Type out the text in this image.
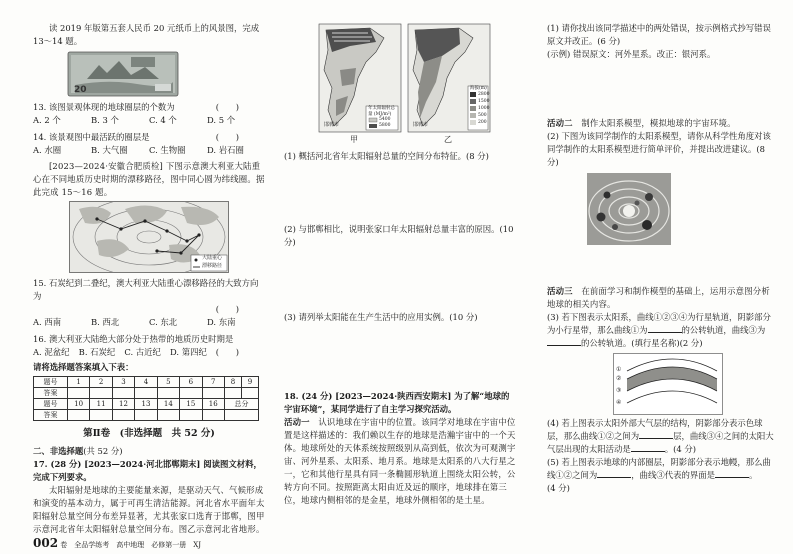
读 2019 年版第五套人民币 20 元纸币上的风景图，完成 13～14 题。

20

13. 该图景观体现的地球圈层的个数为	(　　)

A. 2 个	B. 3 个	C. 4 个	D. 5 个

14. 该景观图中最活跃的圈层是	(　　)

A. 水圈	B. 大气圈	C. 生物圈	D. 岩石圈

[2023—2024·安徽合肥质检] 下图示意澳大利亚大陆重心在不同地质历史时期的漂移路径，图中同心圆为纬线圈。据此完成 15～16 题。

大陆重心
漂移路径

15. 石炭纪到二叠纪，澳大利亚大陆重心漂移路径的大致方向为

(　　)

A. 西南	B. 西北	C. 东北	D. 东南

16. 澳大利亚大陆绝大部分处于热带的地质历史时期是
(　　)

A. 泥盆纪	B. 石炭纪	C. 古近纪	D. 第四纪

请将选择题答案填入下表：

题号	1	2	3	4	5	6	7	8	9
答案									
题号	10	11	12	13	14	15	16	总分	
答案									

第Ⅱ卷　(非选择题　共 52 分)

二、非选择题(共 52 分)

17. (28 分) [2023—2024·河北邯郸期末] 阅读图文材料，完成下列要求。

太阳辐射是地球的主要能量来源，是驱动天气、气候形成和演变的基本动力，属于可再生清洁能源。河北省水平面年太阳辐射总量空间分布差异显著，尤其张家口选育于邯郸，图甲示意河北省年太阳辐射总量空间分布。图乙示意河北省地形。

年太阳辐射总量 (MJ/m²)
5400
5800
海拔(m)
2800
1500
1000
500
200
邯郸市	邯郸市
甲	乙

(1) 概括河北省年太阳辐射总量的空间分布特征。(8 分)

(2) 与邯郸相比，说明张家口年太阳辐射总量丰富的原因。(10 分)

(3) 请列举太阳能在生产生活中的应用实例。(10 分)

18. (24 分) [2023—2024·陕西西安期末] 为了解“地球的宇宙环境”，某同学进行了自主学习探究活动。

活动一　 认识地球在宇宙中的位置。该同学对地球在宇宙中位置是这样描述的：我们赖以生存的地球是浩瀚宇宙中的一个天体。地球所处的天体系统按照级别从高到低，依次为可观测宇宙、河外星系、太阳系、地月系。地球是太阳系的八大行星之一，它和其他行星具有同一条椭圆形轨道上围绕太阳公转，公转方向不同。按照距离太阳由近及远的顺序，地球排在第三位，地球内侧相邻的是金星，地球外侧相邻的是土星。

(1) 请你找出该同学描述中的两处错误，按示例格式抄写错误原文并改正。(6 分)

(示例) 错误原文：河外星系。改正：银河系。

活动二　 制作太阳系模型，模拟地球的宇宙环境。

(2) 下图为该同学制作的太阳系模型，请你从科学性角度对该同学制作的太阳系模型进行简单评价，并提出改进建议。(8 分)

活动三　 在前面学习和制作模型的基础上，运用示意图分析地球的相关内容。

(3) 若下图表示太阳系，曲线①②③④为行星轨道，阴影部分为小行星带，那么曲线①为	的公转轨道，曲线③为的公转轨道。(填行星名称)(2 分)

①
②
③
④

(4) 若上图表示太阳外部大气层的结构，阴影部分表示色球层，那么曲线①②之间为	层，曲线③④之间的太阳大气层出现的太阳活动是	。(4 分)

(5) 若上图表示地球的内部圈层，阴影部分表示地幔，那么曲线①②之间为	，曲线③代表的界面是	。

(4 分)

002 卷　全品学练考　高中地理　必修第一册　XJ
